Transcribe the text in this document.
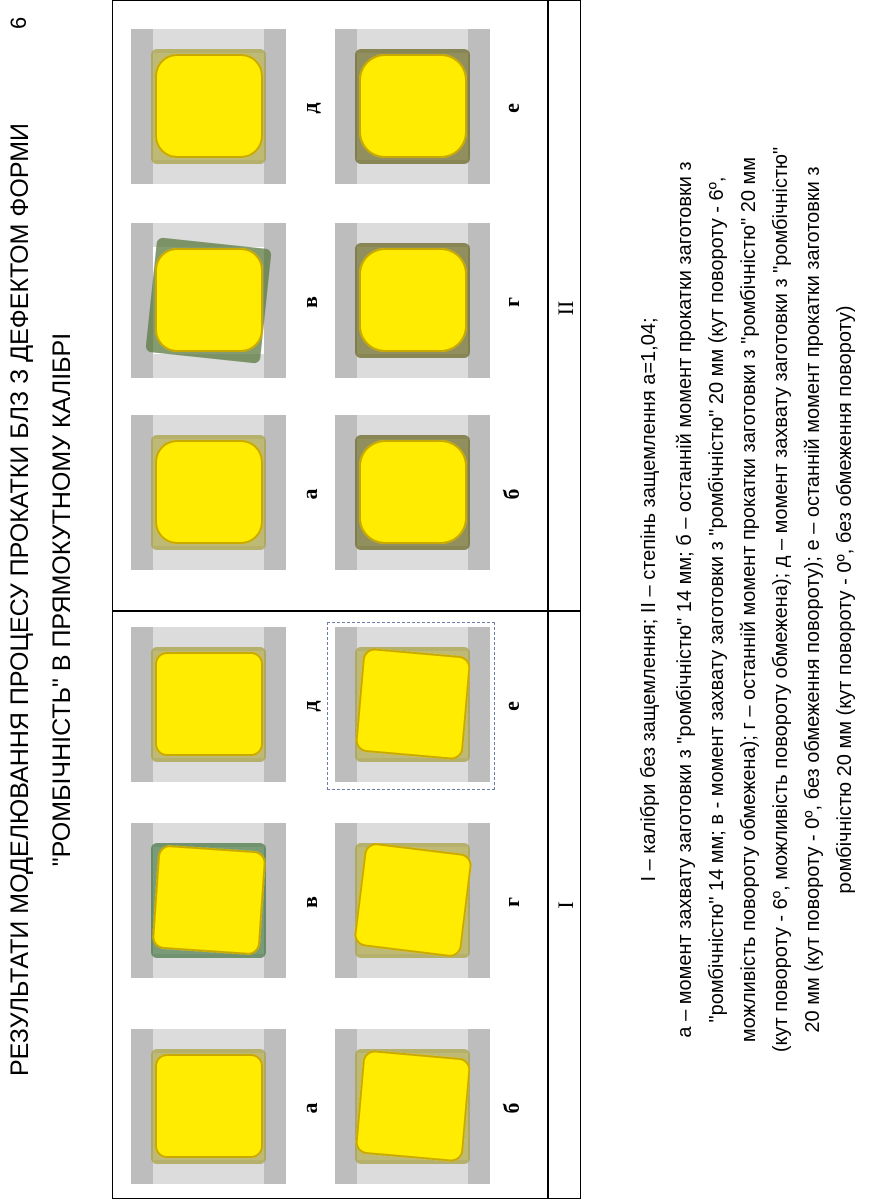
6
РЕЗУЛЬТАТИ МОДЕЛЮВАННЯ ПРОЦЕСУ ПРОКАТКИ БЛЗ З ДЕФЕКТОМ ФОРМИ "РОМБІЧНІСТЬ" В ПРЯМОКУТНОМУ КАЛІБРІ
I
II
б
а
г
в
е
д
б
а
г
в
е
д
I – калібри без защемлення; II – степінь защемлення a=1,04; а – момент захвату заготовки з "ромбічністю" 14 мм; б – останній момент прокатки заготовки з "ромбічністю" 14 мм; в - момент захвату заготовки з "ромбічністю" 20 мм (кут повороту - 6º, можливість повороту обмежена); г – останній момент прокатки заготовки з "ромбічністю" 20 мм (кут повороту - 6º, можливість повороту обмежена); д – момент захвату заготовки з "ромбічністю" 20 мм (кут повороту - 0º, без обмеження повороту); е – останній момент прокатки заготовки з ромбічністю 20 мм (кут повороту - 0º, без обмеження повороту)
